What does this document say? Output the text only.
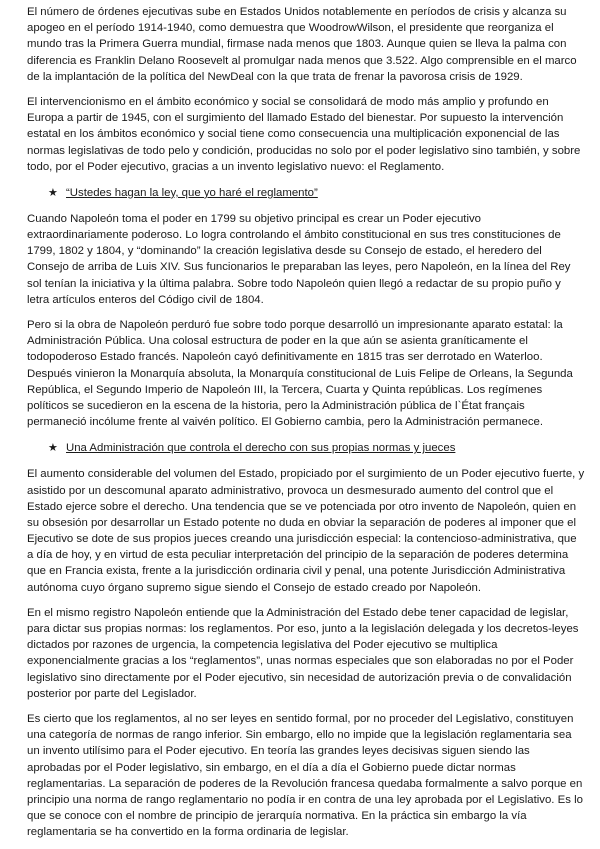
El número de órdenes ejecutivas sube en Estados Unidos notablemente en períodos de crisis y alcanza su
apogeo en el período 1914-1940, como demuestra que WoodrowWilson, el presidente que reorganiza el
mundo tras la Primera Guerra mundial, firmase nada menos que 1803. Aunque quien se lleva la palma con
diferencia es Franklin Delano Roosevelt al promulgar nada menos que 3.522. Algo comprensible en el marco
de la implantación de la política del NewDeal con la que trata de frenar la pavorosa crisis de 1929.
El intervencionismo en el ámbito económico y social se consolidará de modo más amplio y profundo en
Europa a partir de 1945, con el surgimiento del llamado Estado del bienestar. Por supuesto la intervención
estatal en los ámbitos económico y social tiene como consecuencia una multiplicación exponencial de las
normas legislativas de todo pelo y condición, producidas no solo por el poder legislativo sino también, y sobre
todo, por el Poder ejecutivo, gracias a un invento legislativo nuevo: el Reglamento.
★ “Ustedes hagan la ley, que yo haré el reglamento”
Cuando Napoleón toma el poder en 1799 su objetivo principal es crear un Poder ejecutivo
extraordinariamente poderoso. Lo logra controlando el ámbito constitucional en sus tres constituciones de
1799, 1802 y 1804, y “dominando” la creación legislativa desde su Consejo de estado, el heredero del
Consejo de arriba de Luis XIV. Sus funcionarios le preparaban las leyes, pero Napoleón, en la línea del Rey
sol tenían la iniciativa y la última palabra. Sobre todo Napoleón quien llegó a redactar de su propio puño y
letra artículos enteros del Código civil de 1804.
Pero si la obra de Napoleón perduró fue sobre todo porque desarrolló un impresionante aparato estatal: la
Administración Pública. Una colosal estructura de poder en la que aún se asienta graníticamente el
todopoderoso Estado francés. Napoleón cayó definitivamente en 1815 tras ser derrotado en Waterloo.
Después vinieron la Monarquía absoluta, la Monarquía constitucional de Luis Felipe de Orleans, la Segunda
República, el Segundo Imperio de Napoleón III, la Tercera, Cuarta y Quinta repúblicas. Los regímenes
políticos se sucedieron en la escena de la historia, pero la Administración pública de l`État français
permaneció incólume frente al vaivén político. El Gobierno cambia, pero la Administración permanece.
★ Una Administración que controla el derecho con sus propias normas y jueces
El aumento considerable del volumen del Estado, propiciado por el surgimiento de un Poder ejecutivo fuerte, y
asistido por un descomunal aparato administrativo, provoca un desmesurado aumento del control que el
Estado ejerce sobre el derecho. Una tendencia que se ve potenciada por otro invento de Napoleón, quien en
su obsesión por desarrollar un Estado potente no duda en obviar la separación de poderes al imponer que el
Ejecutivo se dote de sus propios jueces creando una jurisdicción especial: la contencioso-administrativa, que
a día de hoy, y en virtud de esta peculiar interpretación del principio de la separación de poderes determina
que en Francia exista, frente a la jurisdicción ordinaria civil y penal, una potente Jurisdicción Administrativa
autónoma cuyo órgano supremo sigue siendo el Consejo de estado creado por Napoleón.
En el mismo registro Napoleón entiende que la Administración del Estado debe tener capacidad de legislar,
para dictar sus propias normas: los reglamentos. Por eso, junto a la legislación delegada y los decretos-leyes
dictados por razones de urgencia, la competencia legislativa del Poder ejecutivo se multiplica
exponencialmente gracias a los “reglamentos”, unas normas especiales que son elaboradas no por el Poder
legislativo sino directamente por el Poder ejecutivo, sin necesidad de autorización previa o de convalidación
posterior por parte del Legislador.
Es cierto que los reglamentos, al no ser leyes en sentido formal, por no proceder del Legislativo, constituyen
una categoría de normas de rango inferior. Sin embargo, ello no impide que la legislación reglamentaria sea
un invento utilísimo para el Poder ejecutivo. En teoría las grandes leyes decisivas siguen siendo las
aprobadas por el Poder legislativo, sin embargo, en el día a día el Gobierno puede dictar normas
reglamentarias. La separación de poderes de la Revolución francesa quedaba formalmente a salvo porque en
principio una norma de rango reglamentario no podía ir en contra de una ley aprobada por el Legislativo. Es lo
que se conoce con el nombre de principio de jerarquía normativa. En la práctica sin embargo la vía
reglamentaria se ha convertido en la forma ordinaria de legislar.
